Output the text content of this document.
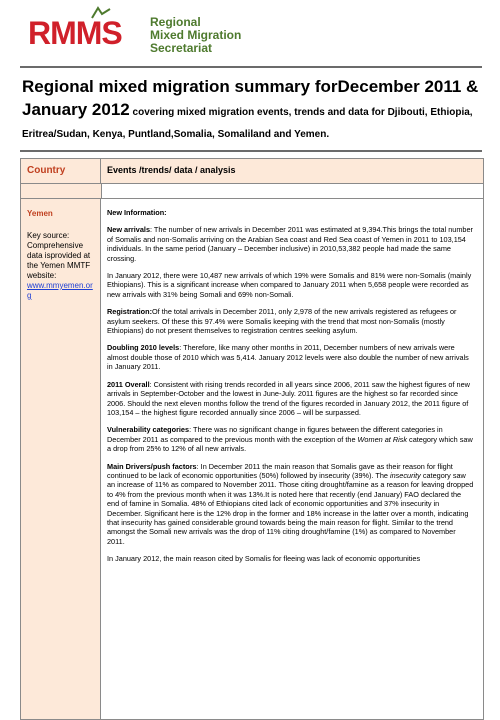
RMMS Regional
Mixed Migration
Secretariat
Regional mixed migration summary forDecember 2011 &
January 2012 covering mixed migration events, trends and data for Djibouti, Ethiopia,
Eritrea/Sudan, Kenya, Puntland,Somalia, Somaliland and Yemen.
Country	Events /trends/ data / analysis
Yemen
Key source: Comprehensive data isprovided at the Yemen MMTF website:
www.mmyemen.org

New Information:

New arrivals: The number of new arrivals in December 2011 was estimated at 9,394.This brings the total number of Somalis and non-Somalis arriving on the Arabian Sea coast and Red Sea coast of Yemen in 2011 to 103,154 individuals. In the same period (January – December inclusive) in 2010,53,382 people had made the same crossing.

In January 2012, there were 10,487 new arrivals of which 19% were Somalis and 81% were non-Somalis (mainly Ethiopians). This is a significant increase when compared to January 2011 when 5,658 people were recorded as new arrivals with 31% being Somali and 69% non-Somali.

Registration:Of the total arrivals in December 2011, only 2,978 of the new arrivals registered as refugees or asylum seekers. Of these this 97.4% were Somalis keeping with the trend that most non-Somalis (mostly Ethiopians) do not present themselves to registration centres seeking asylum.

Doubling 2010 levels: Therefore, like many other months in 2011, December numbers of new arrivals were almost double those of 2010 which was 5,414. January 2012 levels were also double the number of new arrivals in January 2011.

2011 Overall: Consistent with rising trends recorded in all years since 2006, 2011 saw the highest figures of new arrivals in September-October and the lowest in June-July. 2011 figures are the highest so far recorded since 2006. Should the next eleven months follow the trend of the figures recorded in January 2012, the 2011 figure of 103,154 – the highest figure recorded annually since 2006 – will be surpassed.

Vulnerability categories: There was no significant change in figures between the different categories in December 2011 as compared to the previous month with the exception of the Women at Risk category which saw a drop from 25% to 12% of all new arrivals.

Main Drivers/push factors: In December 2011 the main reason that Somalis gave as their reason for flight continued to be lack of economic opportunities (50%) followed by insecurity (39%). The insecurity category saw an increase of 11% as compared to November 2011. Those citing drought/famine as a reason for leaving dropped to 4% from the previous month when it was 13%.It is noted here that recently (end January) FAO declared the end of famine in Somalia. 48% of Ethiopians cited lack of economic opportunities and 37% insecurity in December. Significant here is the 12% drop in the former and 18% increase in the latter over a month, indicating that insecurity has gained considerable ground towards being the main reason for flight. Similar to the trend amongst the Somali new arrivals was the drop of 11% citing drought/famine (1%) as compared to November 2011.

In January 2012, the main reason cited by Somalis for fleeing was lack of economic opportunities
